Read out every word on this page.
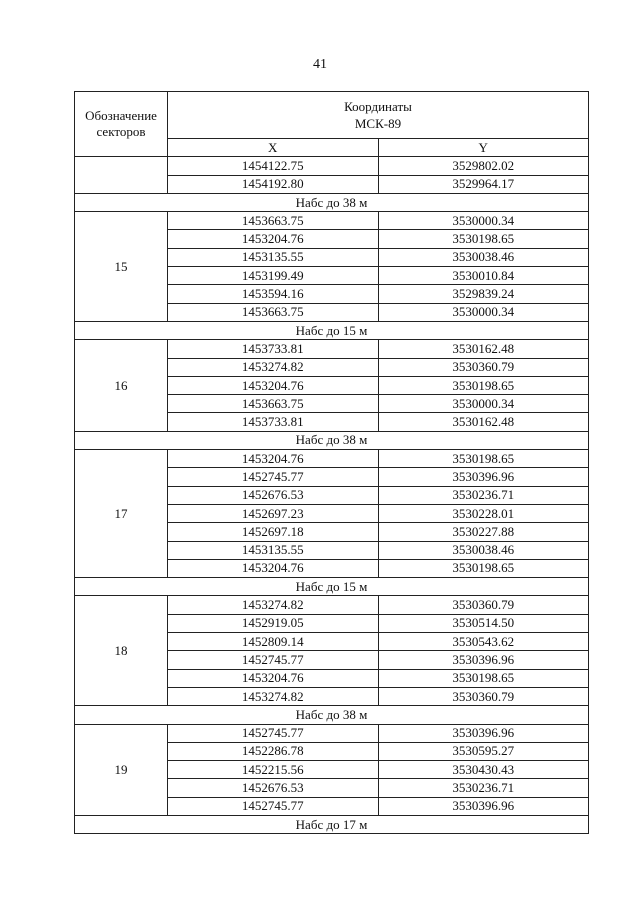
41
Обозначение секторов	Координаты
МСК-89	
	X	Y
	1454122.75	3529802.02
	1454192.80	3529964.17
Набс до 38 м		
15	1453663.75	3530000.34
	1453204.76	3530198.65
	1453135.55	3530038.46
	1453199.49	3530010.84
	1453594.16	3529839.24
	1453663.75	3530000.34
Набс до 15 м		
16	1453733.81	3530162.48
	1453274.82	3530360.79
	1453204.76	3530198.65
	1453663.75	3530000.34
	1453733.81	3530162.48
Набс до 38 м		
17	1453204.76	3530198.65
	1452745.77	3530396.96
	1452676.53	3530236.71
	1452697.23	3530228.01
	1452697.18	3530227.88
	1453135.55	3530038.46
	1453204.76	3530198.65
Набс до 15 м		
18	1453274.82	3530360.79
	1452919.05	3530514.50
	1452809.14	3530543.62
	1452745.77	3530396.96
	1453204.76	3530198.65
	1453274.82	3530360.79
Набс до 38 м		
19	1452745.77	3530396.96
	1452286.78	3530595.27
	1452215.56	3530430.43
	1452676.53	3530236.71
	1452745.77	3530396.96
Набс до 17 м		
